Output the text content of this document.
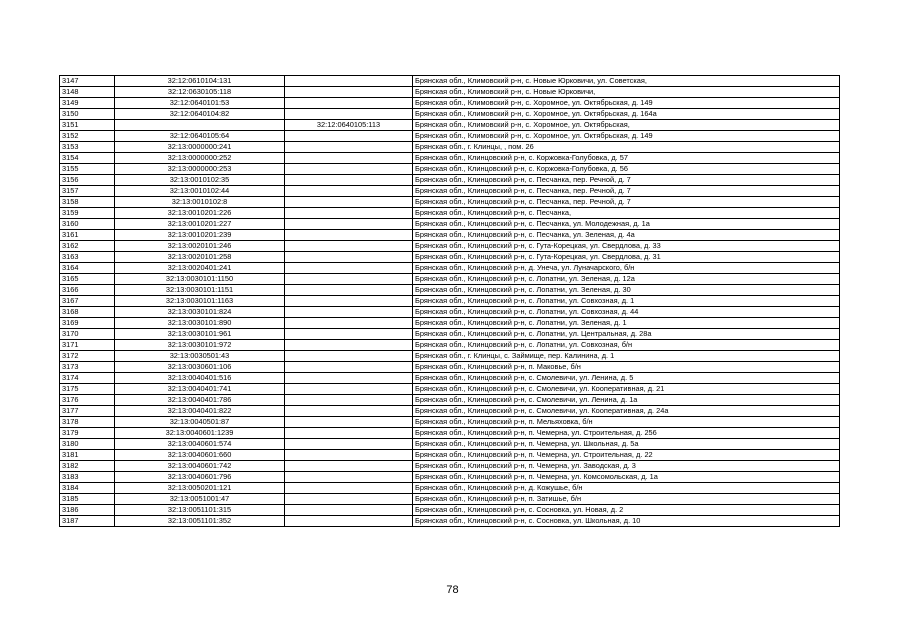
3147	32:12:0610104:131		Брянская обл., Климовский р-н, с. Новые Юрковичи, ул. Советская,
3148	32:12:0630105:118		Брянская обл., Климовский р-н, с. Новые Юрковичи,
3149	32:12:0640101:53		Брянская обл., Климовский р-н, с. Хоромное, ул. Октябрьская, д. 149
3150	32:12:0640104:82		Брянская обл., Климовский р-н, с. Хоромное, ул. Октябрьская, д. 164а
3151		32:12:0640105:113	Брянская обл., Климовский р-н, с. Хоромное, ул. Октябрьская,
3152	32:12:0640105:64		Брянская обл., Климовский р-н, с. Хоромное, ул. Октябрьская, д. 149
3153	32:13:0000000:241		Брянская обл., г. Клинцы, , пом. 26
3154	32:13:0000000:252		Брянская обл., Клинцовский р-н, с. Коржовка-Голубовка, д. 57
3155	32:13:0000000:253		Брянская обл., Клинцовский р-н, с. Коржовка-Голубовка, д. 56
3156	32:13:0010102:35		Брянская обл., Клинцовский р-н, с. Песчанка, пер. Речной, д. 7
3157	32:13:0010102:44		Брянская обл., Клинцовский р-н, с. Песчанка, пер. Речной, д. 7
3158	32:13:0010102:8		Брянская обл., Клинцовский р-н, с. Песчанка, пер. Речной, д. 7
3159	32:13:0010201:226		Брянская обл., Клинцовский р-н, с. Песчанка,
3160	32:13:0010201:227		Брянская обл., Клинцовский р-н, с. Песчанка, ул. Молодежная, д. 1а
3161	32:13:0010201:239		Брянская обл., Клинцовский р-н, с. Песчанка, ул. Зеленая, д. 4а
3162	32:13:0020101:246		Брянская обл., Клинцовский р-н, с. Гута-Корецкая, ул. Свердлова, д. 33
3163	32:13:0020101:258		Брянская обл., Клинцовский р-н, с. Гута-Корецкая, ул. Свердлова, д. 31
3164	32:13:0020401:241		Брянская обл., Клинцовский р-н, д. Унеча, ул. Луначарского, б/н
3165	32:13:0030101:1150		Брянская обл., Клинцовский р-н, с. Лопатни, ул. Зеленая, д. 12а
3166	32:13:0030101:1151		Брянская обл., Клинцовский р-н, с. Лопатни, ул. Зеленая, д. 30
3167	32:13:0030101:1163		Брянская обл., Клинцовский р-н, с. Лопатни, ул. Совхозная, д. 1
3168	32:13:0030101:824		Брянская обл., Клинцовский р-н, с. Лопатни, ул. Совхозная, д. 44
3169	32:13:0030101:890		Брянская обл., Клинцовский р-н, с. Лопатни, ул. Зеленая, д. 1
3170	32:13:0030101:961		Брянская обл., Клинцовский р-н, с. Лопатни, ул. Центральная, д. 28а
3171	32:13:0030101:972		Брянская обл., Клинцовский р-н, с. Лопатни, ул. Совхозная, б/н
3172	32:13:0030501:43		Брянская обл., г. Клинцы, с. Займище, пер. Калинина, д. 1
3173	32:13:0030601:106		Брянская обл., Клинцовский р-н, п. Маковье, б/н
3174	32:13:0040401:516		Брянская обл., Клинцовский р-н, с. Смолевичи, ул. Ленина, д. 5
3175	32:13:0040401:741		Брянская обл., Клинцовский р-н, с. Смолевичи, ул. Кооперативная, д. 21
3176	32:13:0040401:786		Брянская обл., Клинцовский р-н, с. Смолевичи, ул. Ленина, д. 1а
3177	32:13:0040401:822		Брянская обл., Клинцовский р-н, с. Смолевичи, ул. Кооперативная, д. 24а
3178	32:13:0040501:87		Брянская обл., Клинцовский р-н, п. Мельяховка, б/н
3179	32:13:0040601:1239		Брянская обл., Клинцовский р-н, п. Чемерна, ул. Строительная, д. 256
3180	32:13:0040601:574		Брянская обл., Клинцовский р-н, п. Чемерна, ул. Школьная, д. 5а
3181	32:13:0040601:660		Брянская обл., Клинцовский р-н, п. Чемерна, ул. Строительная, д. 22
3182	32:13:0040601:742		Брянская обл., Клинцовский р-н, п. Чемерна, ул. Заводская, д. 3
3183	32:13:0040601:796		Брянская обл., Клинцовский р-н, п. Чемерна, ул. Комсомольская, д. 1а
3184	32:13:0050201:121		Брянская обл., Клинцовский р-н, д. Кожушье, б/н
3185	32:13:0051001:47		Брянская обл., Клинцовский р-н, п. Затишье, б/н
3186	32:13:0051101:315		Брянская обл., Клинцовский р-н, с. Сосновка, ул. Новая, д. 2
3187	32:13:0051101:352		Брянская обл., Клинцовский р-н, с. Сосновка, ул. Школьная, д. 10
78
